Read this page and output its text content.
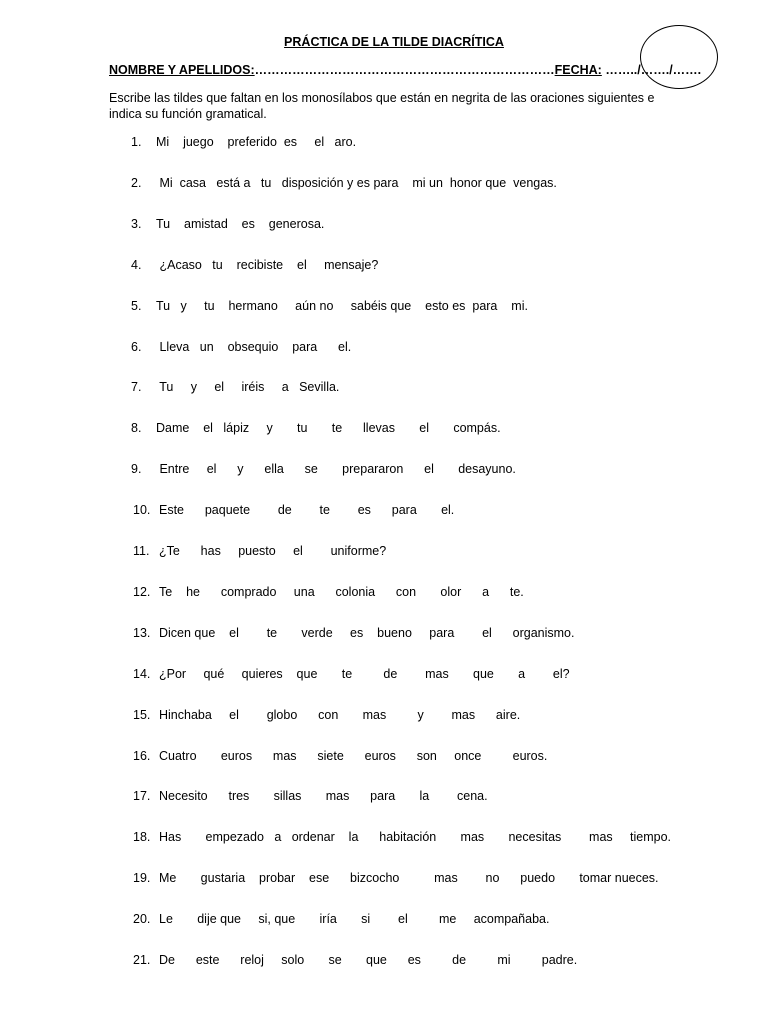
PRÁCTICA DE LA TILDE DIACRÍTICA
NOMBRE Y APELLIDOS:………………………………………………………………FECHA: ……../……./…….
Escribe las tildes que faltan en los monosílabos que están en negrita de las oraciones siguientes e indica su función gramatical.
1. Mi    juego    preferido  es     el   aro.
2. Mi  casa   está a   tu   disposición y es para    mi un  honor que  vengas.
3. Tu    amistad    es    generosa.
4. ¿Acaso   tu    recibiste    el     mensaje?
5. Tu   y     tu    hermano     aún no     sabéis que    esto es  para    mi.
6. Lleva   un    obsequio    para      el.
7. Tu     y     el     iréis     a   Sevilla.
8. Dame    el   lápiz     y       tu       te      llevas       el       compás.
9. Entre     el      y      ella      se       prepararon      el       desayuno.
10. Este      paquete        de        te        es      para       el.
11. ¿Te      has     puesto     el        uniforme?
12. Te    he      comprado     una      colonia      con       olor      a      te.
13. Dicen que    el        te       verde     es    bueno     para        el      organismo.
14. ¿Por     qué     quieres    que       te         de        mas       que       a        el?
15. Hinchaba     el        globo      con       mas         y        mas      aire.
16. Cuatro       euros      mas      siete      euros      son     once         euros.
17. Necesito      tres       sillas       mas      para       la        cena.
18. Has       empezado   a   ordenar    la      habitación       mas       necesitas        mas     tiempo.
19. Me       gustaria    probar    ese      bizcocho          mas        no      puedo       tomar nueces.
20. Le       dije que     si, que       iría       si        el         me     acompañaba.
21. De      este      reloj     solo       se       que      es         de         mi         padre.
